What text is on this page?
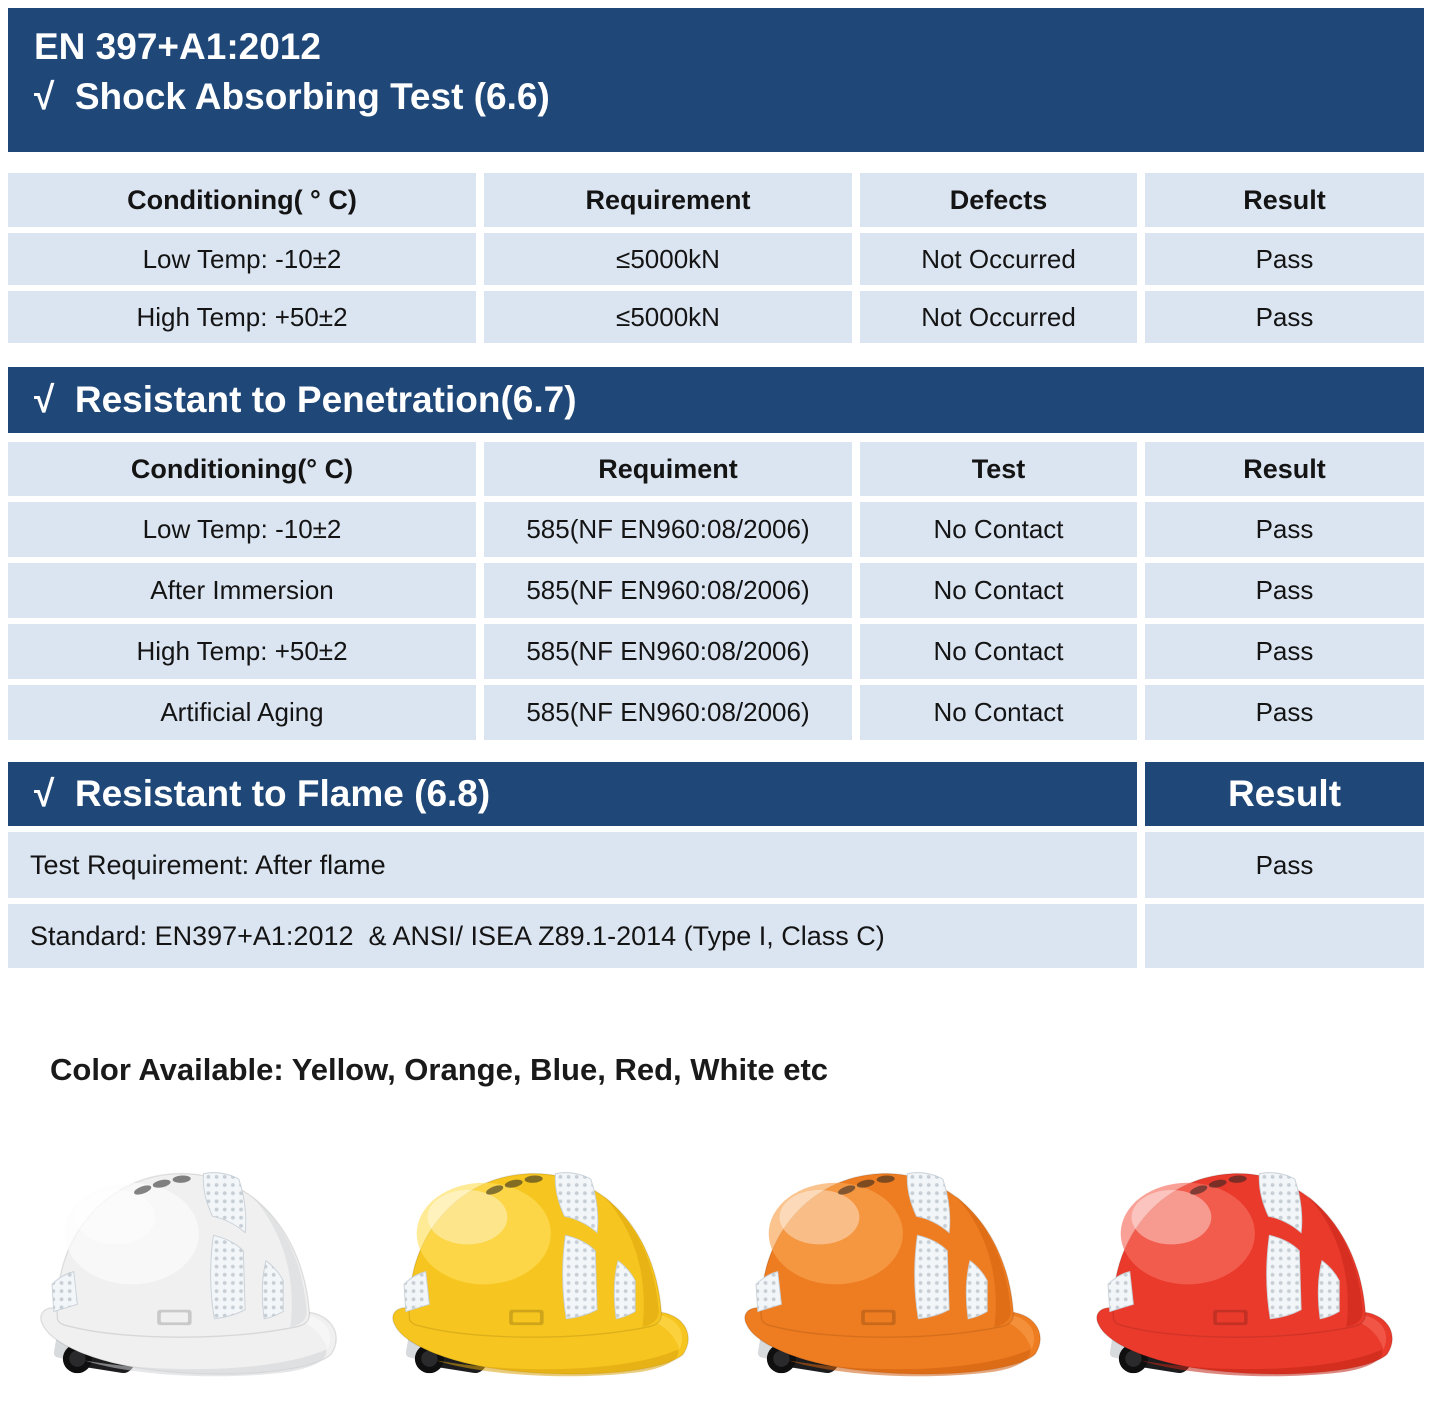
EN 397+A1:2012
√  Shock Absorbing Test (6.6)
Conditioning( ° C)	Requirement	Defects	Result
Low Temp: -10±2	≤5000kN	Not Occurred	Pass
High Temp: +50±2	≤5000kN	Not Occurred	Pass
√  Resistant to Penetration(6.7)
Conditioning(° C)	Requiment	Test	Result
Low Temp: -10±2	585(NF EN960:08/2006)	No Contact	Pass
After Immersion	585(NF EN960:08/2006)	No Contact	Pass
High Temp: +50±2	585(NF EN960:08/2006)	No Contact	Pass
Artificial Aging	585(NF EN960:08/2006)	No Contact	Pass
√  Resistant to Flame (6.8)	Result
Test Requirement: After flame	Pass
Standard: EN397+A1:2012  & ANSI/ ISEA Z89.1-2014 (Type I, Class C)
Color Available: Yellow, Orange, Blue, Red, White etc
